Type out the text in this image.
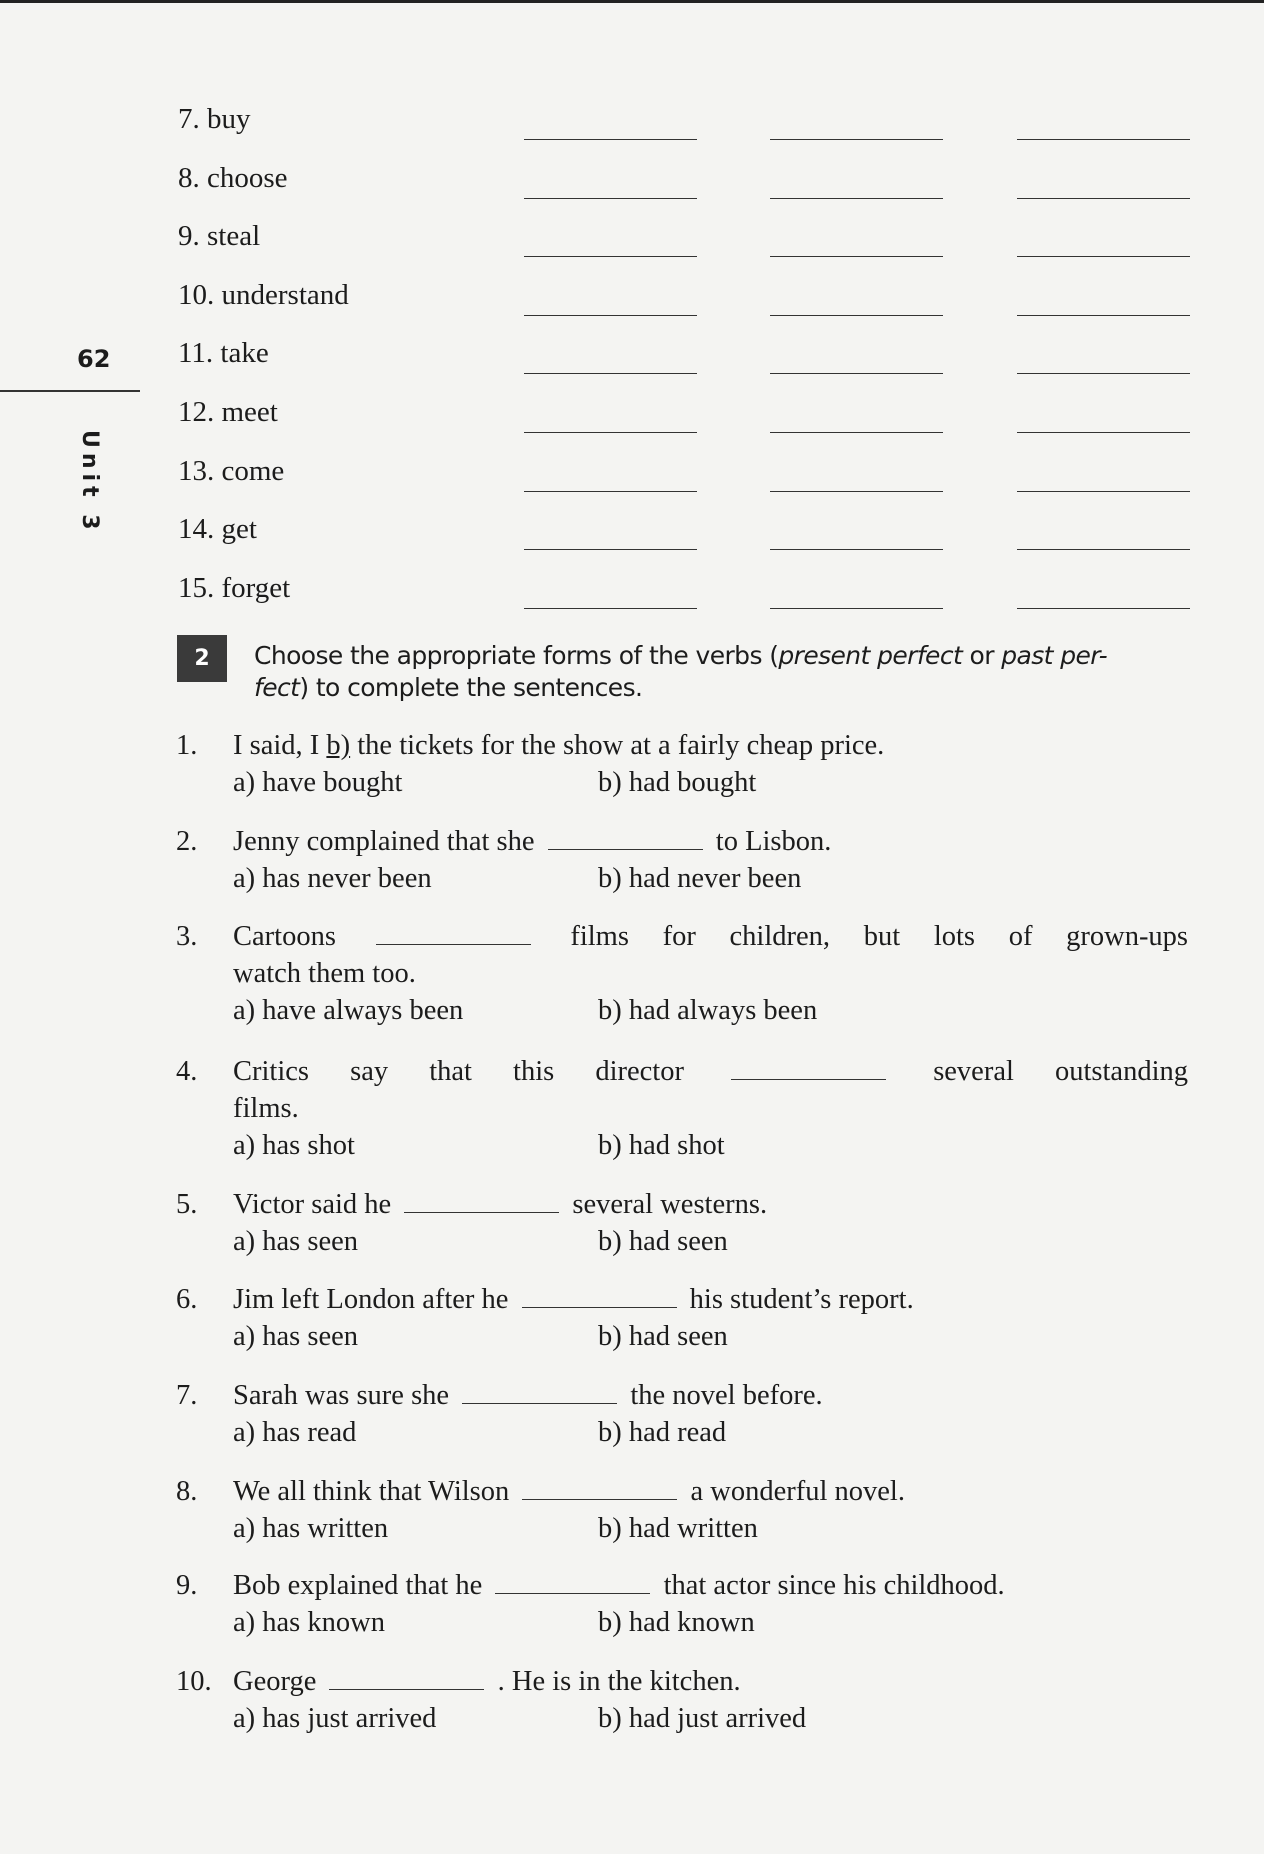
7. buy
8. choose
9. steal
10. understand
11. take
12. meet
13. come
14. get
15. forget
62
Unit 3
2	Choose the appropriate forms of the verbs (present perfect or past per-
fect) to complete the sentences.
1. I said, I b) the tickets for the show at a fairly cheap price.
a) have bought	b) had bought
2. Jenny complained that she	to Lisbon.
a) has never been	b) had never been
3. Cartoons	films for children, but lots of grown-ups
watch them too.
a) have always been	b) had always been
4. Critics say that this director	several outstanding
films.
a) has shot	b) had shot
5. Victor said he	several westerns.
a) has seen	b) had seen
6. Jim left London after he	his student’s report.
a) has seen	b) had seen
7. Sarah was sure she	the novel before.
a) has read	b) had read
8. We all think that Wilson	a wonderful novel.
a) has written	b) had written
9. Bob explained that he	that actor since his childhood.
a) has known	b) had known
10. George	. He is in the kitchen.
a) has just arrived	b) had just arrived
